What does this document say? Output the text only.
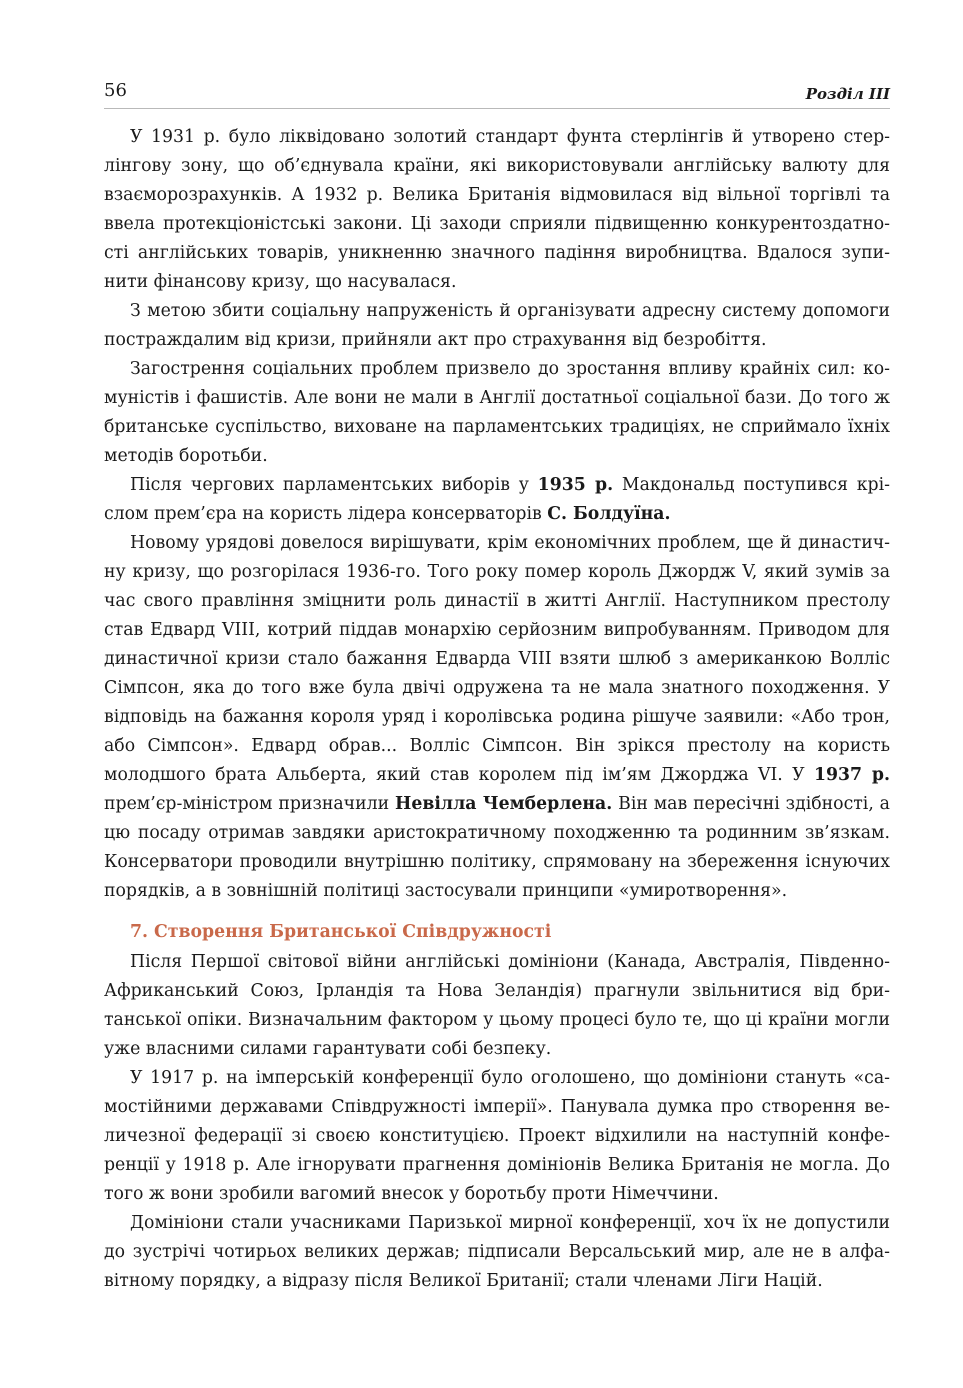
56	Розділ ІІІ

У 1931 р. було ліквідовано золотий стандарт фунта стерлінгів й утворено стерлінгову зону, що об’єднувала країни, які використовували англійську валюту для взаєморозрахунків. А 1932 р. Велика Британія відмовилася від вільної торгівлі та ввела протекціоністські закони. Ці заходи сприяли підвищенню конкурентоздатності англійських товарів, уникненню значного падіння виробництва. Вдалося зупинити фінансову кризу, що насувалася.

З метою збити соціальну напруженість й організувати адресну систему допомоги постраждалим від кризи, прийняли акт про страхування від безробіття.

Загострення соціальних проблем призвело до зростання впливу крайніх сил: комуністів і фашистів. Але вони не мали в Англії достатньої соціальної бази. До того ж британське суспільство, виховане на парламентських традиціях, не сприймало їхніх методів боротьби.

Після чергових парламентських виборів у 1935 р. Макдональд поступився кріслом прем’єра на користь лідера консерваторів С. Болдуїна.

Новому урядові довелося вирішувати, крім економічних проблем, ще й династичну кризу, що розгорілася 1936-го. Того року помер король Джордж V, який зумів за час свого правління зміцнити роль династії в житті Англії. Наступником престолу став Едвард VIII, котрий піддав монархію серйозним випробуванням. Приводом для династичної кризи стало бажання Едварда VIII взяти шлюб з американкою Волліс Сімпсон, яка до того вже була двічі одружена та не мала знатного походження. У відповідь на бажання короля уряд і королівська родина рішуче заявили: «Або трон, або Сімпсон». Едвард обрав... Волліс Сімпсон. Він зрікся престолу на користь молодшого брата Альберта, який став королем під ім’ям Джорджа VI. У 1937 р. прем’єр-міністром призначили Невілла Чемберлена. Він мав пересічні здібності, а цю посаду отримав завдяки аристократичному походженню та родинним зв’язкам. Консерватори проводили внутрішню політику, спрямовану на збереження існуючих порядків, а в зовнішній політиці застосували принципи «умиротворення».

7. Створення Британської Співдружності

Після Першої світової війни англійські домініони (Канада, Австралія, Південно-Африканський Союз, Ірландія та Нова Зеландія) прагнули звільнитися від британської опіки. Визначальним фактором у цьому процесі було те, що ці країни могли уже власними силами гарантувати собі безпеку.

У 1917 р. на імперській конференції було оголошено, що домініони стануть «самостійними державами Співдружності імперії». Панувала думка про створення величезної федерації зі своєю конституцією. Проект відхилили на наступній конференції у 1918 р. Але ігнорувати прагнення домініонів Велика Британія не могла. До того ж вони зробили вагомий внесок у боротьбу проти Німеччини.

Домініони стали учасниками Паризької мирної конференції, хоч їх не допустили до зустрічі чотирьох великих держав; підписали Версальський мир, але не в алфавітному порядку, а відразу після Великої Британії; стали членами Ліги Націй.
